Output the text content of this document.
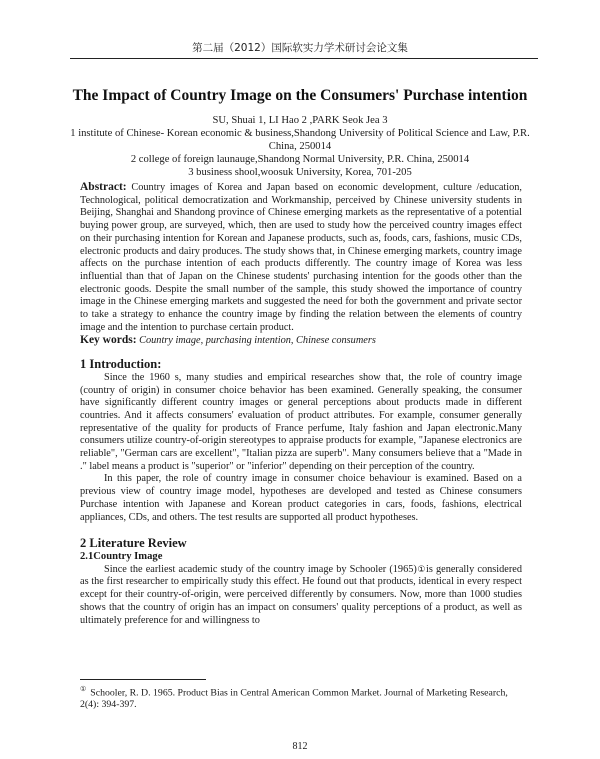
第二届（2012）国际软实力学术研讨会论文集
The Impact of Country Image on the Consumers' Purchase intention
SU, Shuai 1, LI Hao 2 ,PARK Seok Jea 3
1 institute of Chinese- Korean economic & business,Shandong University of Political Science and Law, P.R. China, 250014
2 college of foreign launauge,Shandong Normal University, P.R. China, 250014
3 business shool,woosuk University, Korea, 701-205

Abstract: Country images of Korea and Japan based on economic development, culture /education, Technological, political democratization and Workmanship, perceived by Chinese university students in Beijing, Shanghai and Shandong province of Chinese emerging markets as the representative of a potential buying power group, are surveyed, which, then are used to study how the perceived country images effect on their purchasing intention for Korean and Japanese products, such as, foods, cars, fashions, music CDs, electronic products and dairy produces. The study shows that, in Chinese emerging markets, country image affects on the purchase intention of each products differently. The country image of Korea was less influential than that of Japan on the Chinese students' purchasing intention for the goods other than the electronic goods. Despite the small number of the sample, this study showed the importance of country image in the Chinese emerging markets and suggested the need for both the government and private sector to take a strategy to enhance the country image by finding the relation between the elements of country image and the intention to purchase certain product.

Key words: Country image, purchasing intention, Chinese consumers

1 Introduction:

Since the 1960 s, many studies and empirical researches show that, the role of country image (country of origin) in consumer choice behavior has been examined. Generally speaking, the consumer have significantly different country images or general perceptions about products made in different countries. And it affects consumers' evaluation of product attributes. For example, consumer generally representative of the quality for products of France perfume, Italy fashion and Japan electronic.Many consumers utilize country-of-origin stereotypes to appraise products for example, "Japanese electronics are reliable", "German cars are excellent", "Italian pizza are superb". Many consumers believe that a "Made in ." label means a product is "superior" or "inferior" depending on their perception of the country.

In this paper, the role of country image in consumer choice behaviour is examined. Based on a previous view of country image model, hypotheses are developed and tested as Chinese consumers Purchase intention with Japanese and Korean product categories in cars, foods, fashions, electrical appliances, CDs, and others. The test results are supported all product hypotheses.

2 Literature Review
2.1Country Image

Since the earliest academic study of the country image by Schooler (1965)①is generally considered as the first researcher to empirically study this effect. He found out that products, identical in every respect except for their country-of-origin, were perceived differently by consumers. Now, more than 1000 studies shows that the country of origin has an impact on consumers' quality perceptions of a product, as well as ultimately preference for and willingness to

① Schooler, R. D. 1965. Product Bias in Central American Common Market. Journal of Marketing Research, 2(4): 394-397.
812
